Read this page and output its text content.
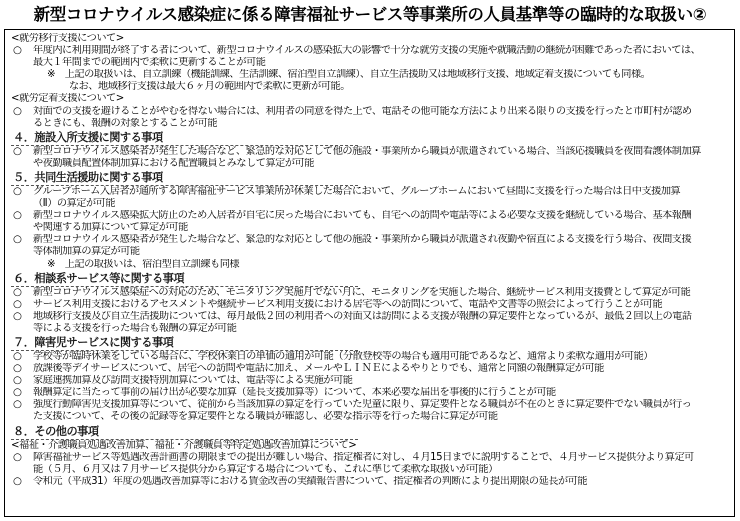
新型コロナウイルス感染症に係る障害福祉サービス等事業所の人員基準等の臨時的な取扱い②
<就労移行支援について>
○ 年度内に利用期間が終了する者について、新型コロナウイルスの感染拡大の影響で十分な就労支援の実施や就職活動の継続が困難であった者においては、
最大１年間までの範囲内で柔軟に更新することが可能
※　上記の取扱いは、自立訓練（機能訓練、生活訓練、宿泊型自立訓練）、自立生活援助又は地域移行支援、地域定着支援についても同様。
なお、地域移行支援は最大６ヶ月の範囲内で柔軟に更新が可能。
<就労定着支援について>
○ 対面での支援を避けることがやむを得ない場合には、利用者の同意を得た上で、電話その他可能な方法により出来る限りの支援を行ったと市町村が認め
るときにも、報酬の対象とすることが可能
４．施設入所支援に関する事項
○ 新型コロナウイルス感染者が発生した場合など、緊急的な対応として他の施設・事業所から職員が派遣されている場合、当該応援職員を夜間看護体制加算
や夜勤職員配置体制加算における配置職員とみなして算定が可能
５．共同生活援助に関する事項
○ グループホーム入居者が通所する障害福祉サービス事業所が休業した場合において、グループホームにおいて昼間に支援を行った場合は日中支援加算
（Ⅱ）の算定が可能
○ 新型コロナウイルス感染拡大防止のため入居者が自宅に戻った場合においても、自宅への訪問や電話等による必要な支援を継続している場合、基本報酬
や関連する加算について算定が可能
○ 新型コロナウイルス感染者が発生した場合など、緊急的な対応として他の施設・事業所から職員が派遣され夜勤や宿直による支援を行う場合、夜間支援
等体制加算の算定が可能
※　上記の取扱いは、宿泊型自立訓練も同様
６．相談系サービス等に関する事項
○ 新型コロナウイルス感染症への対応のため、モニタリング実施月でない月に、モニタリングを実施した場合、継続サービス利用支援費として算定が可能
○ サービス利用支援におけるアセスメントや継続サービス利用支援における居宅等への訪問について、電話や文書等の照会によって行うことが可能
○ 地域移行支援及び自立生活援助については、毎月最低２回の利用者への対面又は訪問による支援が報酬の算定要件となっているが、最低２回以上の電話
等による支援を行った場合も報酬の算定が可能
７．障害児サービスに関する事項
○ 学校等が臨時休業をしている場合に、学校休業日の単価の適用が可能（分散登校等の場合も適用可能であるなど、通常より柔軟な適用が可能）
○ 放課後等デイサービスについて、居宅への訪問や電話に加え、メールやＬＩＮＥによるやりとりでも、通常と同額の報酬算定が可能
○ 家庭連携加算及び訪問支援特別加算については、電話等による実施が可能
○ 報酬算定に当たって事前の届け出が必要な加算（延長支援加算等）について、本来必要な届出を事後的に行うことが可能
○ 強度行動障害児支援加算等について、従前から当該加算の算定を行っていた児童に限り、算定要件となる職員が不在のときに算定要件でない職員が行っ
た支援について、その後の記録等を算定要件となる職員が確認し、必要な指示等を行った場合に算定が可能
８．その他の事項
<福祉・介護職員処遇改善加算、福祉・介護職員等特定処遇改善加算について>
○ 障害福祉サービス等処遇改善計画書の期限までの提出が難しい場合、指定権者に対し、４月15日までに説明することで、４月サービス提供分より算定可
能（５月、６月又は７月サービス提供分から算定する場合についても、これに準じて柔軟な取扱いが可能）
○ 令和元（平成31）年度の処遇改善加算等における賃金改善の実績報告書について、指定権者の判断により提出期限の延長が可能
